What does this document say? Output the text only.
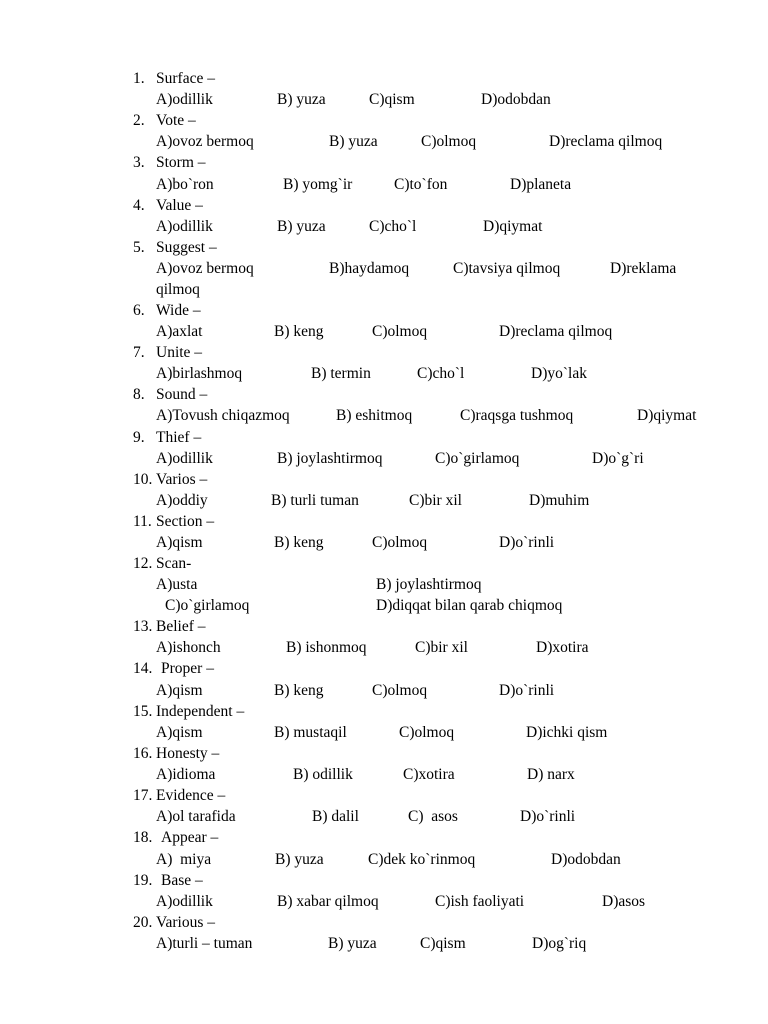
1. Surface –
A)odillik	B) yuza	C)qism	D)odobdan
2. Vote –
A)ovoz bermoq	B) yuza	C)olmoq	D)reclama qilmoq
3. Storm –
A)bo`ron	B) yomg`ir	C)to`fon	D)planeta
4. Value –
A)odillik	B) yuza	C)cho`l	D)qiymat
5. Suggest –
A)ovoz bermoq	B)haydamoq	C)tavsiya qilmoq	D)reklama
qilmoq
6. Wide –
A)axlat	B) keng	C)olmoq	D)reclama qilmoq
7. Unite –
A)birlashmoq	B) termin	C)cho`l	D)yo`lak
8. Sound –
A)Tovush chiqazmoq	B) eshitmoq	C)raqsga tushmoq	D)qiymat
9. Thief –
A)odillik	B) joylashtirmoq	C)o`girlamoq	D)o`g`ri
10. Varios –
A)oddiy	B) turli tuman	C)bir xil	D)muhim
11. Section –
A)qism	B) keng	C)olmoq	D)o`rinli
12. Scan-
A)usta	B) joylashtirmoq
C)o`girlamoq	D)diqqat bilan qarab chiqmoq
13. Belief –
A)ishonch	B) ishonmoq	C)bir xil	D)xotira
14. Proper –
A)qism	B) keng	C)olmoq	D)o`rinli
15. Independent –
A)qism	B) mustaqil	C)olmoq	D)ichki qism
16. Honesty –
A)idioma	B) odillik	C)xotira	D) narx
17. Evidence –
A)ol tarafida	B) dalil	C)  asos	D)o`rinli
18. Appear –
A)  miya	B) yuza	C)dek ko`rinmoq	D)odobdan
19. Base –
A)odillik	B) xabar qilmoq	C)ish faoliyati	D)asos
20. Various –
A)turli – tuman	B) yuza	C)qism	D)og`riq
